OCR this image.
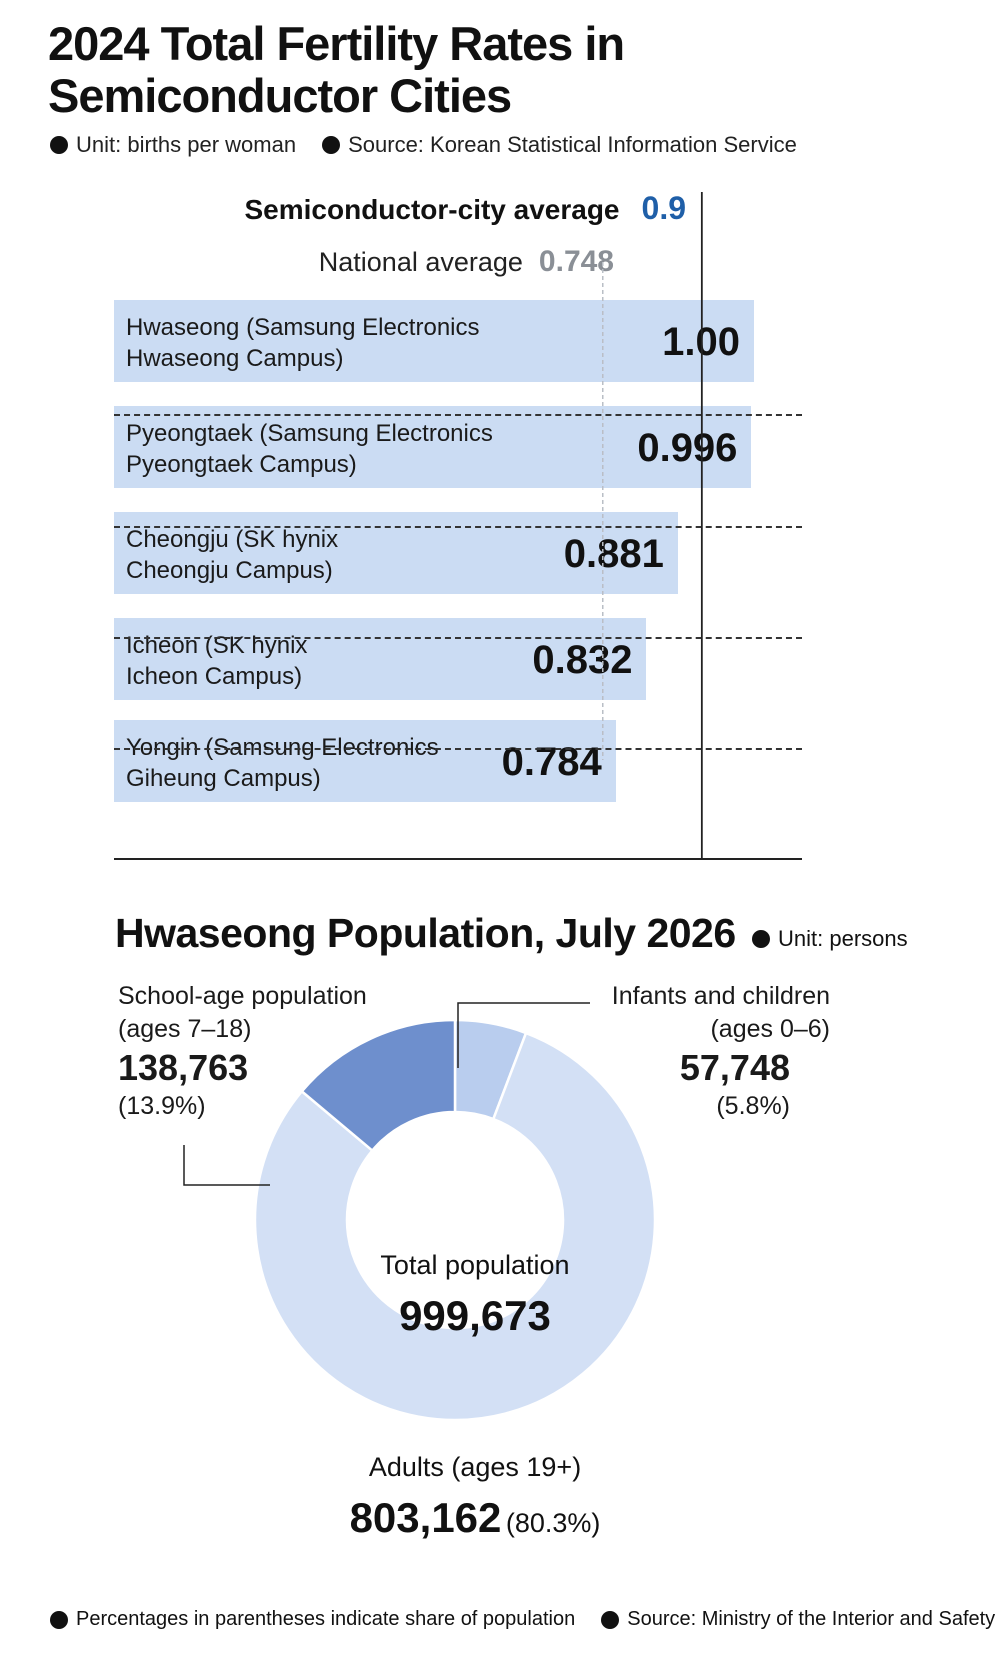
2024 Total Fertility Rates in
Semiconductor Cities
Unit: births per woman Source: Korean Statistical Information Service
Semiconductor-city average 0.9
National average 0.748
Hwaseong (Samsung Electronics
Hwaseong Campus)	1.00
Pyeongtaek (Samsung Electronics
Pyeongtaek Campus)	0.996
Cheongju (SK hynix
Cheongju Campus)	0.881
Icheon (SK hynix
Icheon Campus)	0.832
Yongin (Samsung Electronics
Giheung Campus)	0.784
Hwaseong Population, July 2026 Unit: persons
School-age population
(ages 7–18)
138,763
(13.9%)
Infants and children
(ages 0–6)
57,748
(5.8%)
Total population
999,673
Adults (ages 19+)
803,162 (80.3%)
Percentages in parentheses indicate share of population	Source: Ministry of the Interior and Safety
